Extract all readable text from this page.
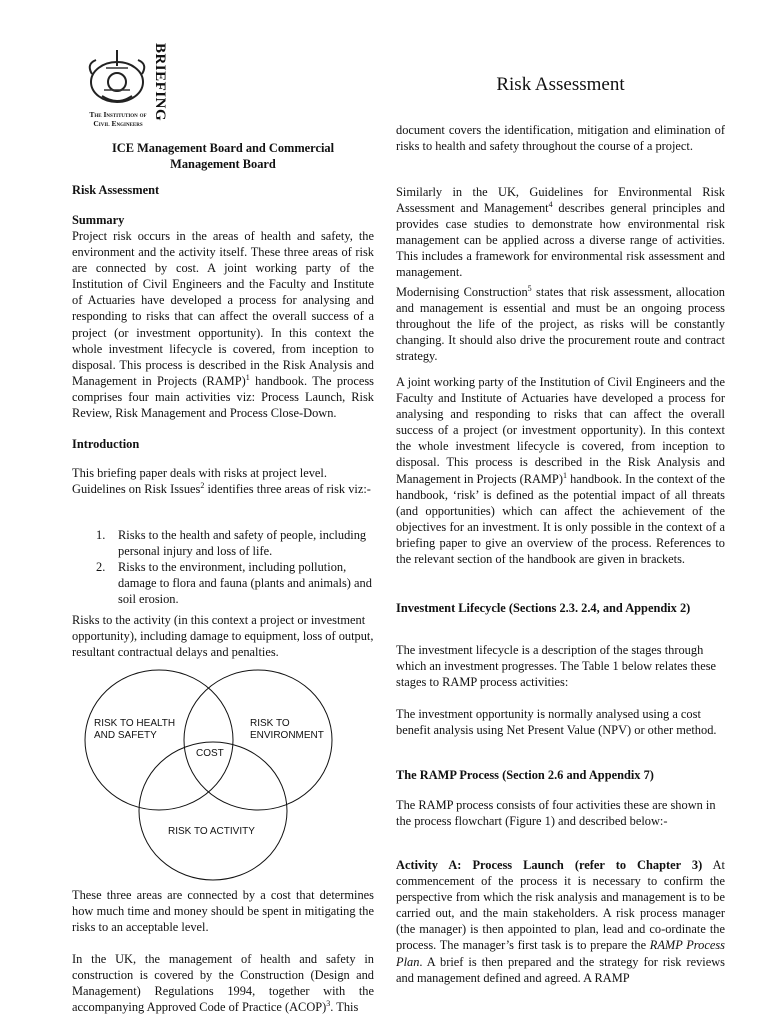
The Institution of
Civil Engineers
BRIEFING	Risk Assessment
ICE Management Board and Commercial Management Board
Risk Assessment
Summary

Project risk occurs in the areas of health and safety, the environment and the activity itself. These three areas of risk are connected by cost. A joint working party of the Institution of Civil Engineers and the Faculty and Institute of Actuaries have developed a process for analysing and responding to risks that can affect the overall success of a project (or investment opportunity). In this context the whole investment lifecycle is covered, from inception to disposal. This process is described in the Risk Analysis and Management in Projects (RAMP)$^1$ handbook. The process comprises four main activities viz: Process Launch, Risk Review, Risk Management and Process Close-Down.

Introduction

This briefing paper deals with risks at project level. Guidelines on Risk Issues$^2$ identifies three areas of risk viz:-

1. Risks to the health and safety of people, including personal injury and loss of life.
2. Risks to the environment, including pollution, damage to flora and fauna (plants and animals) and soil erosion.

Risks to the activity (in this context a project or investment opportunity), including damage to equipment, loss of output, resultant contractual delays and penalties.

RISK TO HEALTH
AND SAFETY
RISK TO
ENVIRONMENT
COST
RISK TO ACTIVITY

These three areas are connected by a cost that determines how much time and money should be spent in mitigating the risks to an acceptable level.

In the UK, the management of health and safety in construction is covered by the Construction (Design and Management) Regulations 1994, together with the accompanying Approved Code of Practice (ACOP)$^3$. This

document covers the identification, mitigation and elimination of risks to health and safety throughout the course of a project.

Similarly in the UK, Guidelines for Environmental Risk Assessment and Management$^4$ describes general principles and provides case studies to demonstrate how environmental risk management can be applied across a diverse range of activities. This includes a framework for environmental risk assessment and management.

Modernising Construction$^5$ states that risk assessment, allocation and management is essential and must be an ongoing process throughout the life of the project, as risks will be constantly changing. It should also drive the procurement route and contract strategy.

A joint working party of the Institution of Civil Engineers and the Faculty and Institute of Actuaries have developed a process for analysing and responding to risks that can affect the overall success of a project (or investment opportunity). In this context the whole investment lifecycle is covered, from inception to disposal. This process is described in the Risk Analysis and Management in Projects (RAMP)$^1$ handbook. In the context of the handbook, ‘risk’ is defined as the potential impact of all threats (and opportunities) which can affect the achievement of the objectives for an investment. It is only possible in the context of a briefing paper to give an overview of the process. References to the relevant section of the handbook are given in brackets.

Investment Lifecycle (Sections 2.3. 2.4, and Appendix 2)

The investment lifecycle is a description of the stages through which an investment progresses. The Table 1 below relates these stages to RAMP process activities:

The investment opportunity is normally analysed using a cost benefit analysis using Net Present Value (NPV) or other method.

The RAMP Process (Section 2.6 and Appendix 7)

The RAMP process consists of four activities these are shown in the process flowchart (Figure 1) and described below:-

Activity A: Process Launch (refer to Chapter 3) At commencement of the process it is necessary to confirm the perspective from which the risk analysis and management is to be carried out, and the main stakeholders. A risk process manager (the manager) is then appointed to plan, lead and co-ordinate the process. The manager’s first task is to prepare the RAMP Process Plan. A brief is then prepared and the strategy for risk reviews and management defined and agreed. A RAMP
